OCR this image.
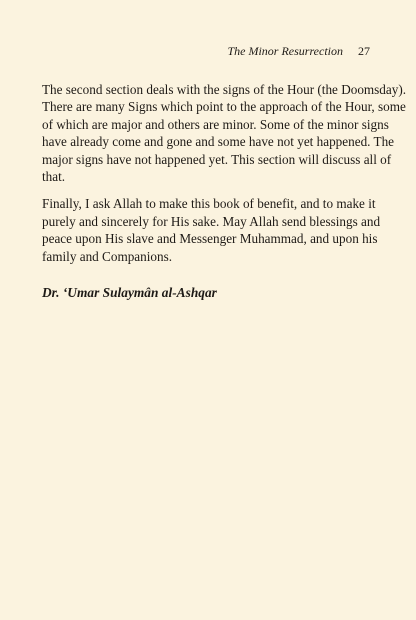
The Minor Resurrection 27

The second section deals with the signs of the Hour (the Doomsday).
There are many Signs which point to the approach of the Hour, some
of which are major and others are minor. Some of the minor signs
have already come and gone and some have not yet happened. The
major signs have not happened yet. This section will discuss all of
that.

Finally, I ask Allah to make this book of benefit, and to make it
purely and sincerely for His sake. May Allah send blessings and
peace upon His slave and Messenger Muhammad, and upon his
family and Companions.

Dr. ‘Umar Sulaymân al-Ashqar
